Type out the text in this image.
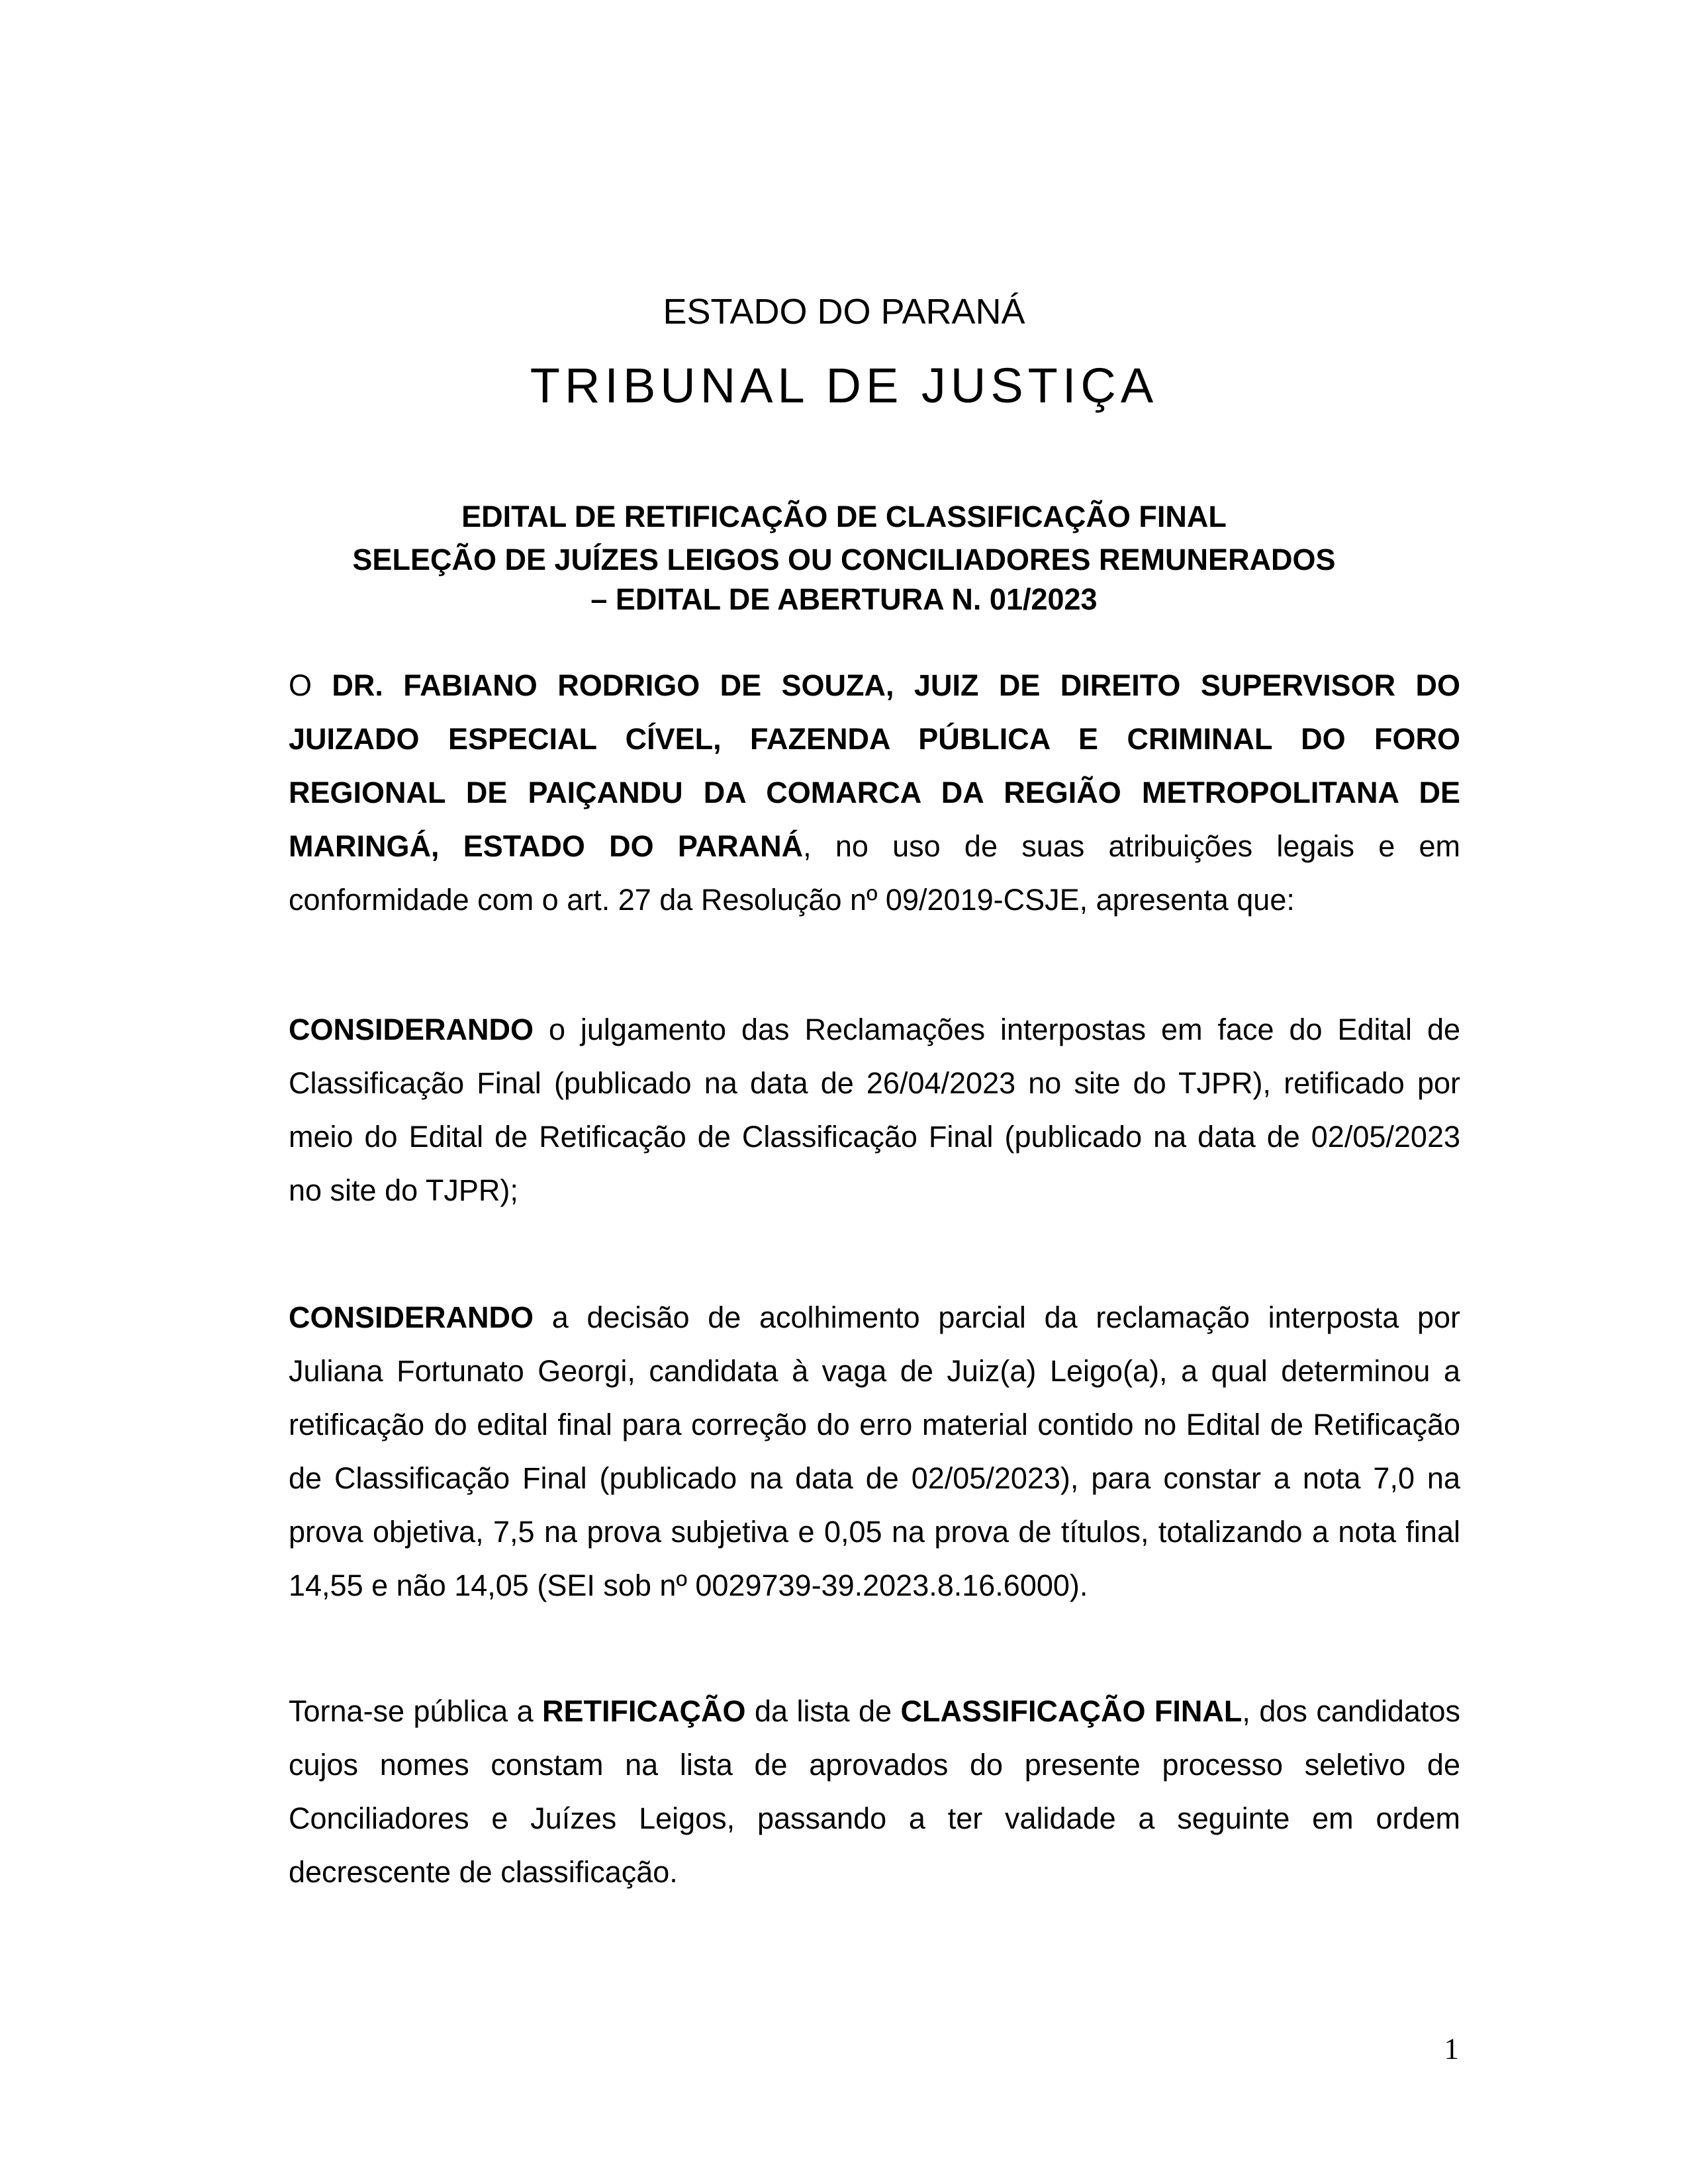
ESTADO DO PARANÁ
TRIBUNAL DE JUSTIÇA
EDITAL DE RETIFICAÇÃO DE CLASSIFICAÇÃO FINAL
SELEÇÃO DE JUÍZES LEIGOS OU CONCILIADORES REMUNERADOS
– EDITAL DE ABERTURA N. 01/2023
O DR. FABIANO RODRIGO DE SOUZA, JUIZ DE DIREITO SUPERVISOR DO JUIZADO ESPECIAL CÍVEL, FAZENDA PÚBLICA E CRIMINAL DO FORO REGIONAL DE PAIÇANDU DA COMARCA DA REGIÃO METROPOLITANA DE MARINGÁ, ESTADO DO PARANÁ, no uso de suas atribuições legais e em conformidade com o art. 27 da Resolução nº 09/2019-CSJE, apresenta que:
CONSIDERANDO o julgamento das Reclamações interpostas em face do Edital de Classificação Final (publicado na data de 26/04/2023 no site do TJPR), retificado por meio do Edital de Retificação de Classificação Final (publicado na data de 02/05/2023 no site do TJPR);
CONSIDERANDO a decisão de acolhimento parcial da reclamação interposta por Juliana Fortunato Georgi, candidata à vaga de Juiz(a) Leigo(a), a qual determinou a retificação do edital final para correção do erro material contido no Edital de Retificação de Classificação Final (publicado na data de 02/05/2023), para constar a nota 7,0 na prova objetiva, 7,5 na prova subjetiva e 0,05 na prova de títulos, totalizando a nota final 14,55 e não 14,05 (SEI sob nº 0029739-39.2023.8.16.6000).
Torna-se pública a RETIFICAÇÃO da lista de CLASSIFICAÇÃO FINAL, dos candidatos cujos nomes constam na lista de aprovados do presente processo seletivo de Conciliadores e Juízes Leigos, passando a ter validade a seguinte em ordem decrescente de classificação.
1
